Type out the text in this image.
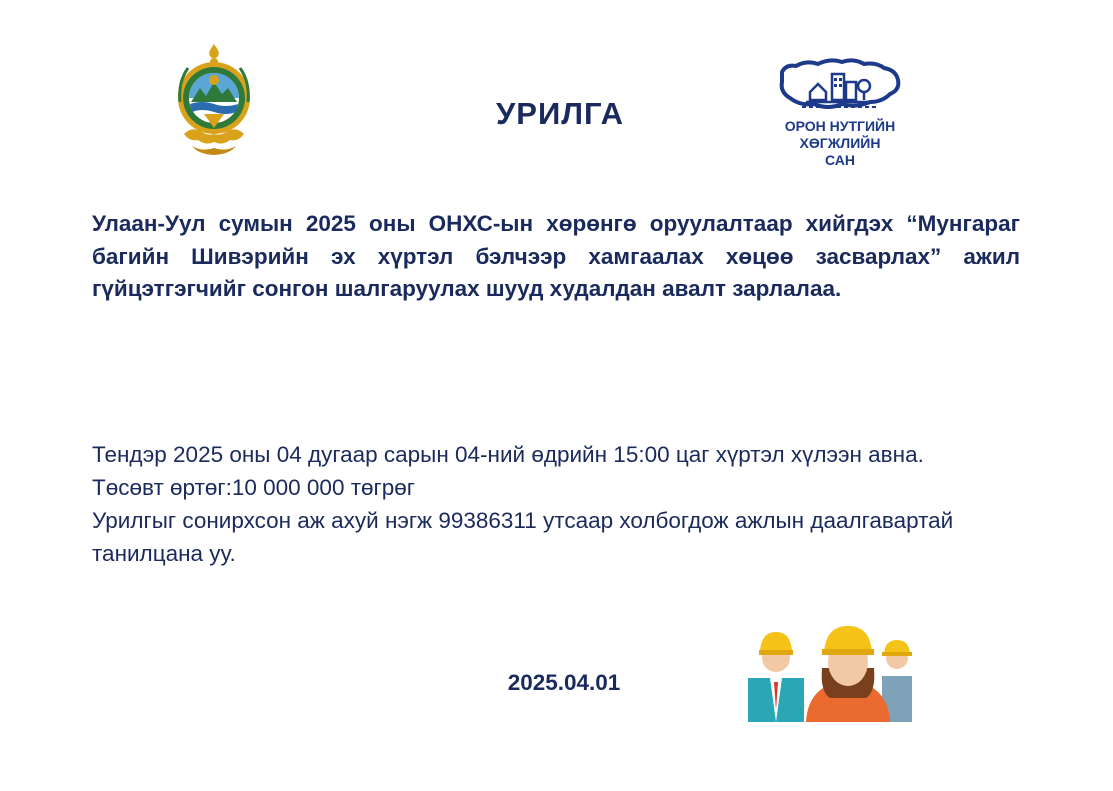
УРИЛГА	ОРОН НУТГИЙН
ХӨГЖЛИЙН
САН

Улаан-Уул сумын 2025 оны ОНХС-ын хөрөнгө оруулалтаар хийгдэх “Мунгараг багийн Шивэрийн эх хүртэл бэлчээр хамгаалах хөцөө засварлах” ажил гүйцэтгэгчийг сонгон шалгаруулах шууд худалдан авалт зарлалаа.

Тендэр 2025 оны 04 дугаар сарын 04-ний өдрийн 15:00 цаг хүртэл хүлээн авна.
Төсөвт өртөг:10 000 000 төгрөг
Урилгыг сонирхсон аж ахуй нэгж 99386311 утсаар холбогдож ажлын даалгавартай танилцана уу.
2025.04.01
